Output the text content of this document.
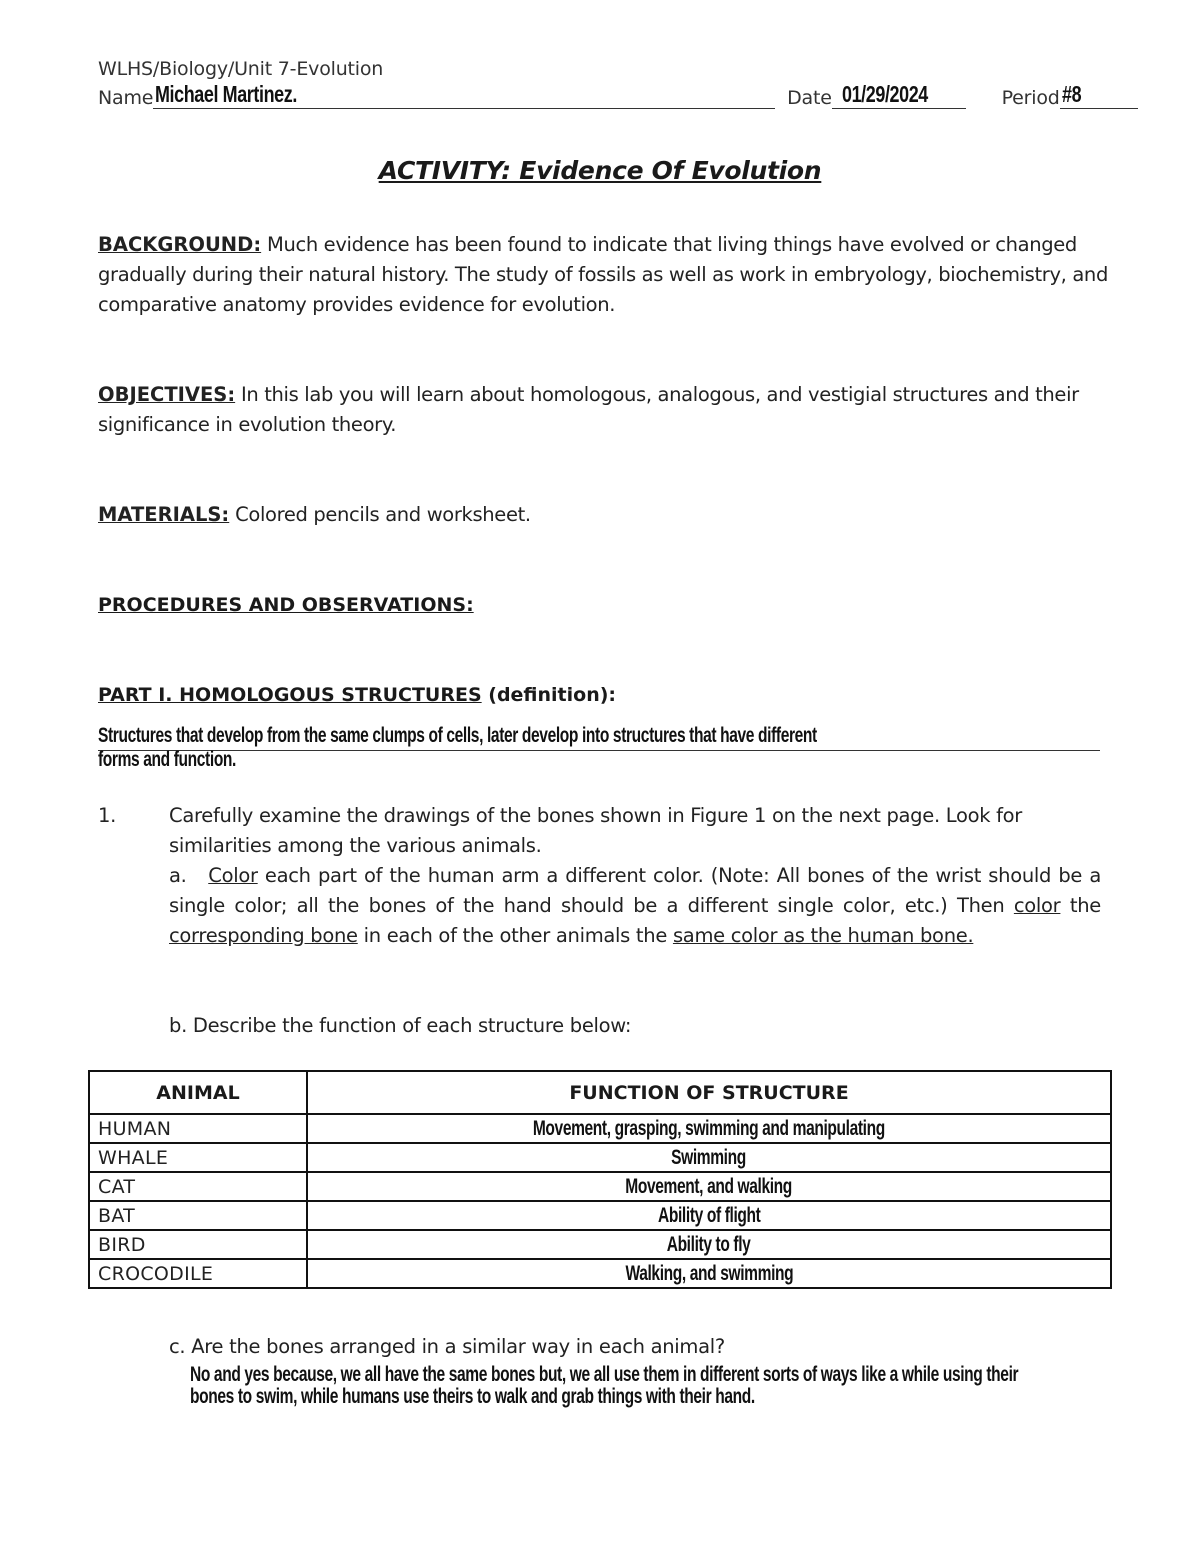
WLHS/Biology/Unit 7-Evolution
Name Michael Martinez.	Date 01/29/2024	Period #8
ACTIVITY: Evidence Of Evolution
BACKGROUND: Much evidence has been found to indicate that living things have evolved or changed gradually during their natural history. The study of fossils as well as work in embryology, biochemistry, and comparative anatomy provides evidence for evolution.
OBJECTIVES: In this lab you will learn about homologous, analogous, and vestigial structures and their significance in evolution theory.
MATERIALS: Colored pencils and worksheet.
PROCEDURES AND OBSERVATIONS:
PART I. HOMOLOGOUS STRUCTURES (definition):
Structures that develop from the same clumps of cells, later develop into structures that have different forms and function.
1.	Carefully examine the drawings of the bones shown in Figure 1 on the next page. Look for similarities among the various animals.
a. Color each part of the human arm a different color. (Note: All bones of the wrist should be a single color; all the bones of the hand should be a different single color, etc.) Then color the corresponding bone in each of the other animals the same color as the human bone.
b. Describe the function of each structure below:
ANIMAL	FUNCTION OF STRUCTURE
HUMAN	Movement, grasping, swimming and manipulating
WHALE	Swimming
CAT	Movement, and walking
BAT	Ability of flight
BIRD	Ability to fly
CROCODILE	Walking, and swimming
c. Are the bones arranged in a similar way in each animal?
No and yes because, we all have the same bones but, we all use them in different sorts of ways like a while using their
bones to swim, while humans use theirs to walk and grab things with their hand.
